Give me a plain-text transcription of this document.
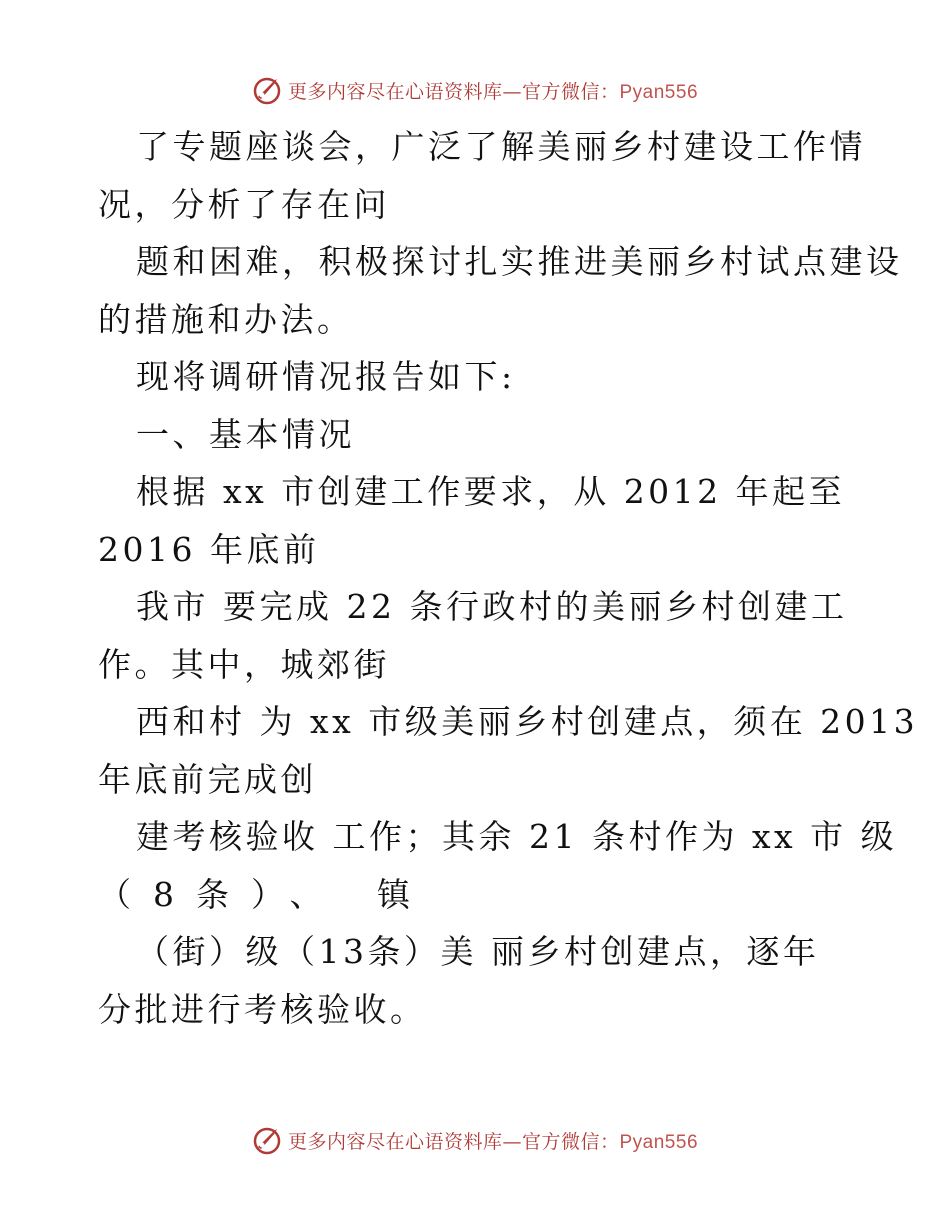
更多内容尽在心语资料库—官方微信：Pyan556
了专题座谈会，广泛了解美丽乡村建设工作情
况，分析了存在问
题和困难，积极探讨扎实推进美丽乡村试点建设
的措施和办法。
现将调研情况报告如下:
一、基本情况
根据 xx 市创建工作要求，从 2012 年起至
2016 年底前
我市 要完成 22 条行政村的美丽乡村创建工
作。其中，城郊街
西和村 为 xx 市级美丽乡村创建点，须在 2013
年底前完成创
建考核验收 工作；其余 21 条村作为 xx 市 级
（8条）、 镇
（街）级（13条）美 丽乡村创建点，逐年
分批进行考核验收。
更多内容尽在心语资料库—官方微信：Pyan556
